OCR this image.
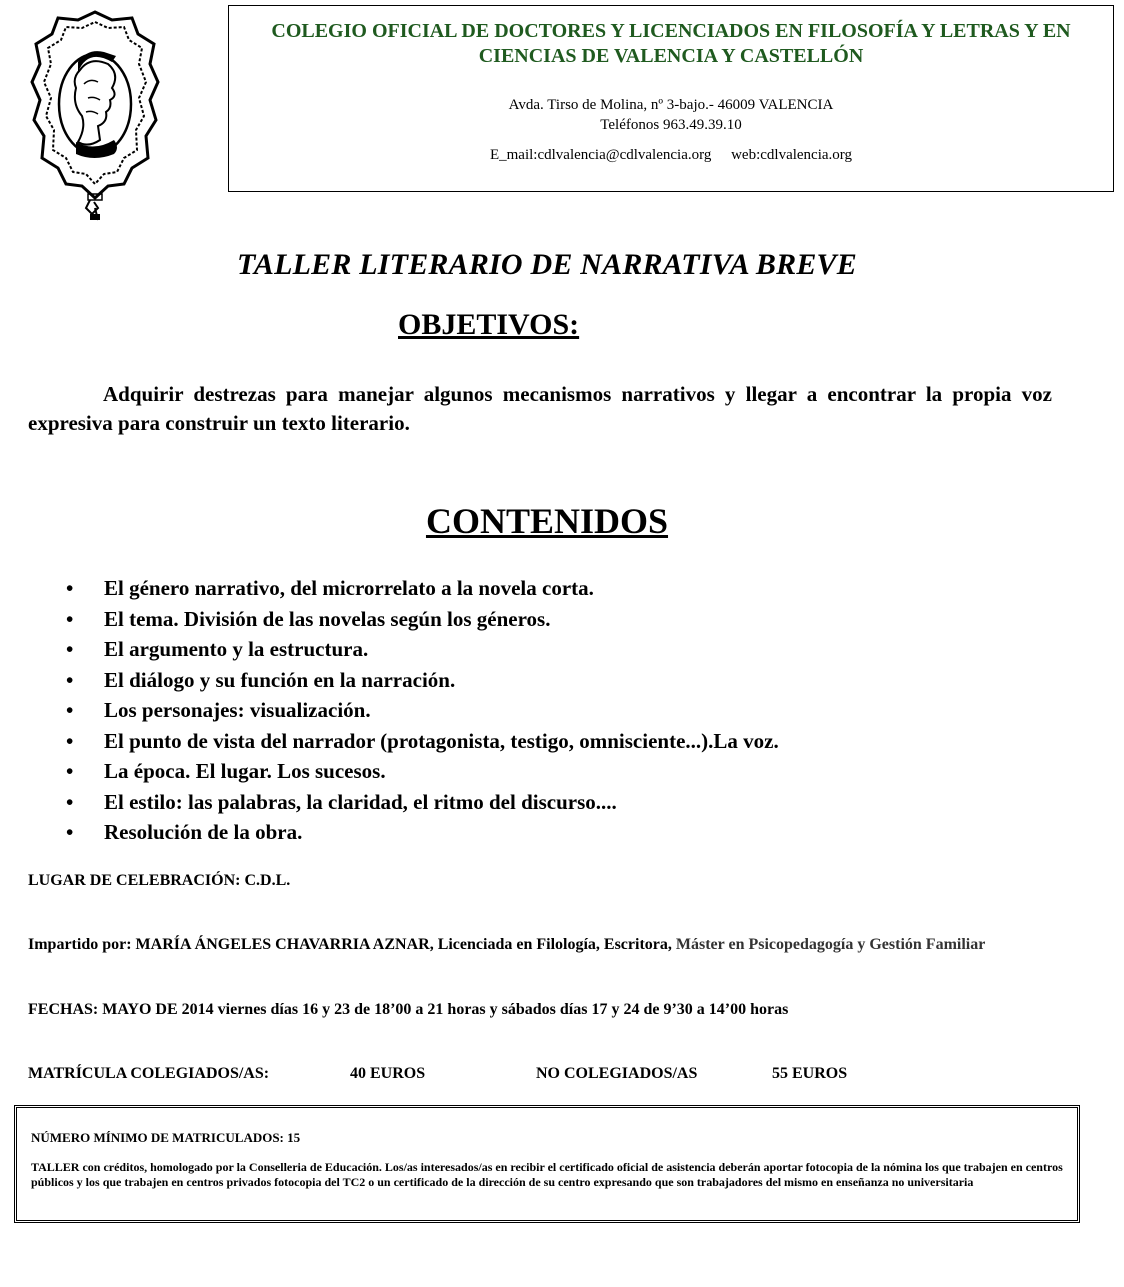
COLEGIO OFICIAL DE DOCTORES Y LICENCIADOS EN FILOSOFÍA Y LETRAS Y EN CIENCIAS DE VALENCIA Y CASTELLÓN
Avda. Tirso de Molina, nº 3-bajo.- 46009 VALENCIA
Teléfonos 963.49.39.10
E_mail:cdlvalencia@cdlvalencia.org web:cdlvalencia.org
TALLER LITERARIO DE NARRATIVA BREVE
OBJETIVOS:
Adquirir destrezas para manejar algunos mecanismos narrativos y llegar a encontrar la propia voz expresiva para construir un texto literario.
CONTENIDOS
• El género narrativo, del microrrelato a la novela corta.
• El tema. División de las novelas según los géneros.
• El argumento y la estructura.
• El diálogo y su función en la narración.
• Los personajes: visualización.
• El punto de vista del narrador (protagonista, testigo, omnisciente...).La voz.
• La época. El lugar. Los sucesos.
• El estilo: las palabras, la claridad, el ritmo del discurso....
• Resolución de la obra.
LUGAR DE CELEBRACIÓN: C.D.L.
Impartido por: MARÍA ÁNGELES CHAVARRIA AZNAR, Licenciada en Filología, Escritora, Máster en Psicopedagogía y Gestión Familiar
FECHAS: MAYO DE 2014 viernes días 16 y 23 de 18’00 a 21 horas y sábados días 17 y 24 de 9’30 a 14’00 horas
MATRÍCULA COLEGIADOS/AS:	40 EUROS	NO COLEGIADOS/AS	55 EUROS
NÚMERO MÍNIMO DE MATRICULADOS: 15
TALLER con créditos, homologado por la Conselleria de Educación. Los/as interesados/as en recibir el certificado oficial de asistencia deberán aportar fotocopia de la nómina los que trabajen en centros públicos y los que trabajen en centros privados fotocopia del TC2 o un certificado de la dirección de su centro expresando que son trabajadores del mismo en enseñanza no universitaria
